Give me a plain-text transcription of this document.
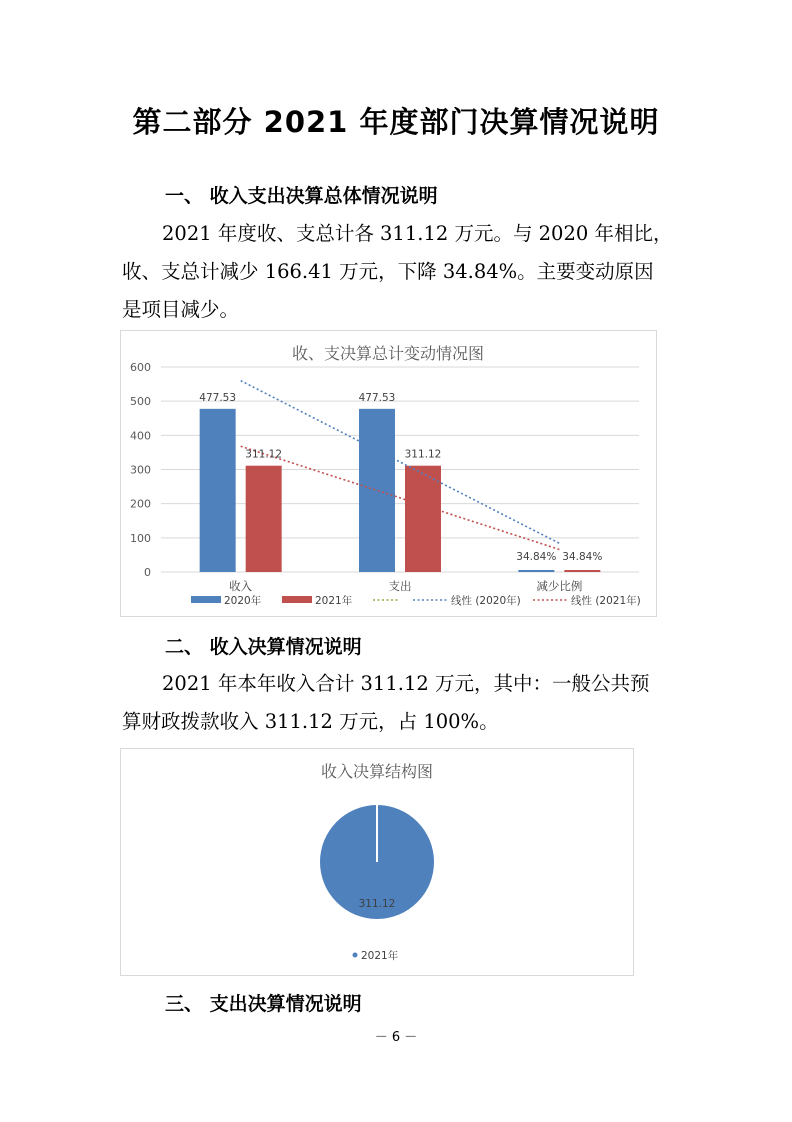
第二部分 2021 年度部门决算情况说明
一、 收入支出决算总体情况说明
2021 年度收、支总计各 311.12 万元。与 2020 年相比，
收、支总计减少 166.41 万元，下降 34.84%。主要变动原因
是项目减少。
收、支决算总计变动情况图
0
100
200
300
400
500
600
收入
477.53
311.12
支出
477.53
311.12
减少比例
34.84% 34.84%
2020年	2021年	线性 (2020年)	线性 (2021年)
二、 收入决算情况说明
2021 年本年收入合计 311.12 万元，其中：一般公共预
算财政拨款收入 311.12 万元，占 100%。
收入决算结构图
311.12
2021年
三、 支出决算情况说明
－ 6 －
